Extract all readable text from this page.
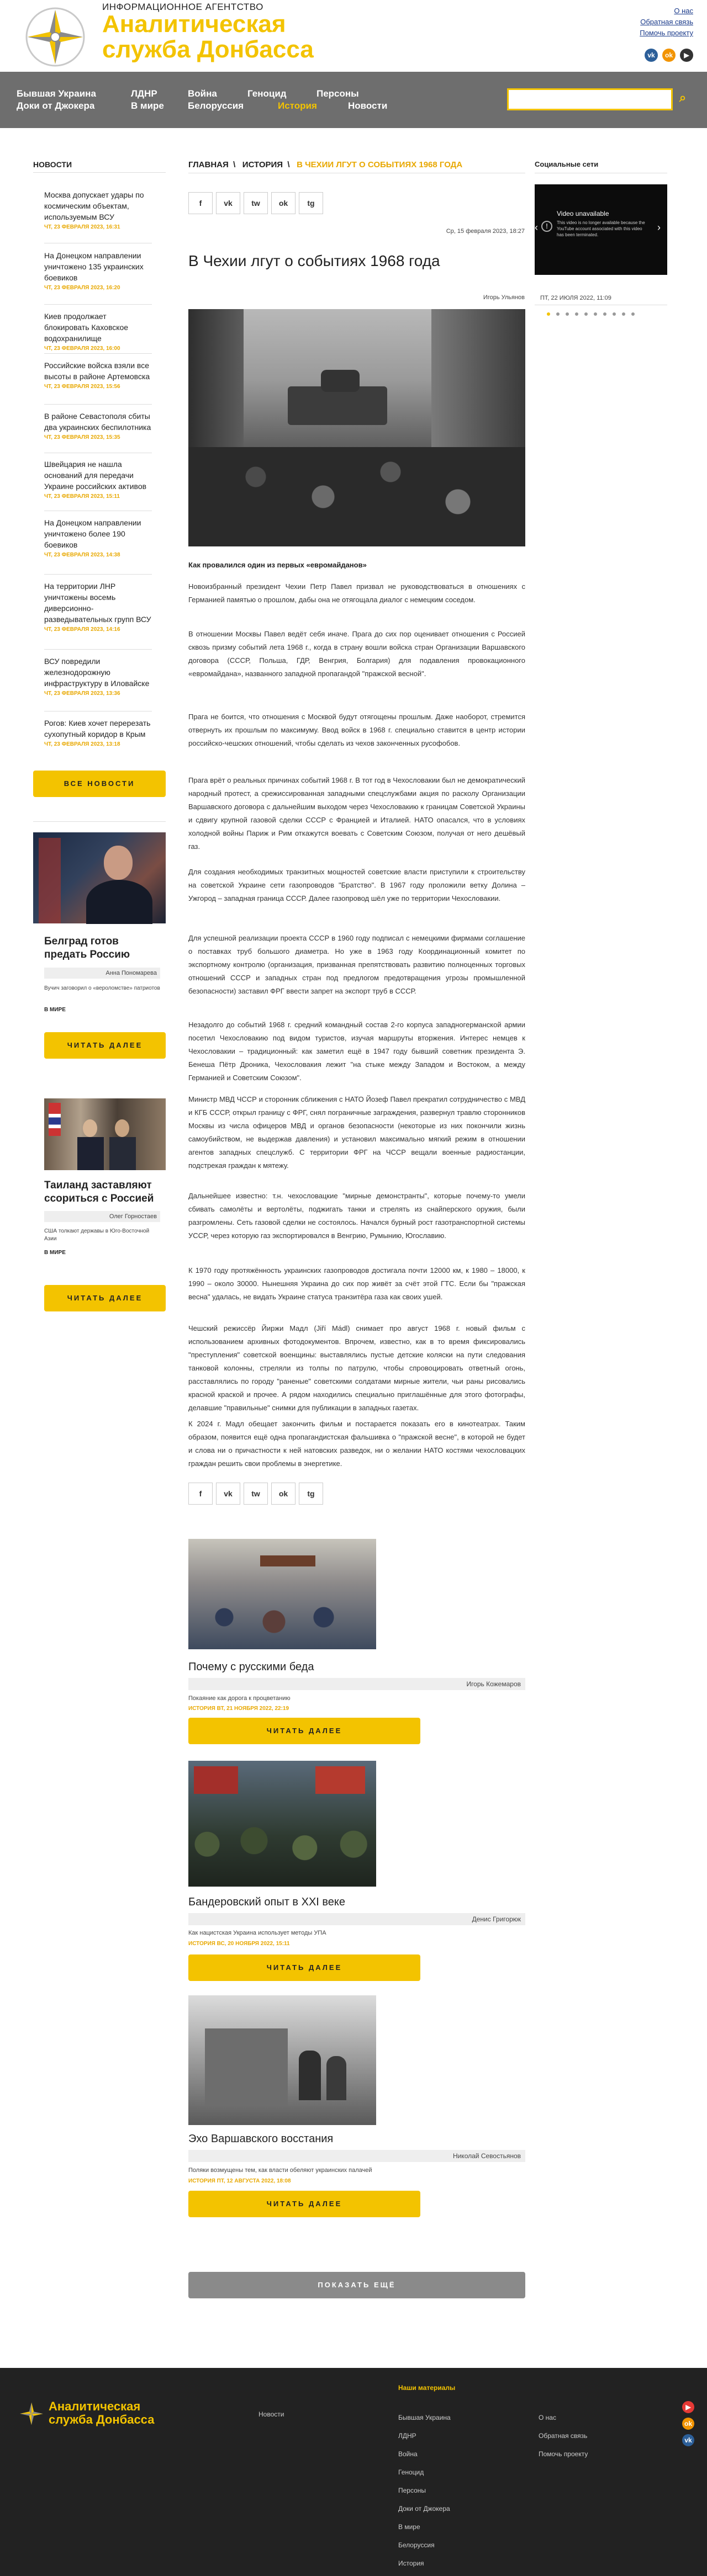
ИНФОРМАЦИОННОЕ АГЕНТСТВО
Аналитическая
служба Донбасса
О нас
Обратная связь
Помочь проекту
vk	ok	▶
Бывшая Украина
Доки от Джокера
ЛДНР
В мире
Война
Белоруссия
Геноцид
История
Персоны
Новости
⌕
НОВОСТИ
Москва допускает удары по космическим объектам, используемым ВСУ
ЧТ, 23 ФЕВРАЛЯ 2023, 16:31
На Донецком направлении уничтожено 135 украинских боевиков
ЧТ, 23 ФЕВРАЛЯ 2023, 16:20
Киев продолжает блокировать Каховское водохранилище
ЧТ, 23 ФЕВРАЛЯ 2023, 16:00
Российские войска взяли все высоты в районе Артемовска
ЧТ, 23 ФЕВРАЛЯ 2023, 15:56
В районе Севастополя сбиты два украинских беспилотника
ЧТ, 23 ФЕВРАЛЯ 2023, 15:35
Швейцария не нашла оснований для передачи Украине российских активов
ЧТ, 23 ФЕВРАЛЯ 2023, 15:11
На Донецком направлении уничтожено более 190 боевиков
ЧТ, 23 ФЕВРАЛЯ 2023, 14:38
На территории ЛНР уничтожены восемь диверсионно-разведывательных групп ВСУ
ЧТ, 23 ФЕВРАЛЯ 2023, 14:16
ВСУ повредили железнодорожную инфраструктуру в Иловайске
ЧТ, 23 ФЕВРАЛЯ 2023, 13:36
Рогов: Киев хочет перерезать сухопутный коридор в Крым
ЧТ, 23 ФЕВРАЛЯ 2023, 13:18
ВСЕ НОВОСТИ
Белград готов предать Россию
Анна Пономарева
Вучич заговорил о «вероломстве» патриотов
В МИРЕ
ЧИТАТЬ ДАЛЕЕ
Таиланд заставляют ссориться с Россией
Олег Горностаев
США толкают державы в Юго-Восточной Азии
В МИРЕ
ЧИТАТЬ ДАЛЕЕ
ГЛАВНАЯ  \   ИСТОРИЯ  \   В ЧЕХИИ ЛГУТ О СОБЫТИЯХ 1968 ГОДА
f	vk	tw	ok	tg
Ср, 15 февраля 2023, 18:27
В Чехии лгут о событиях 1968 года
Игорь Ульянов
Как провалился один из первых «евромайданов»
Новоизбранный президент Чехии Петр Павел призвал не руководствоваться в отношениях с Германией памятью о прошлом, дабы она не отягощала диалог с немецким соседом.
В отношении Москвы Павел ведёт себя иначе. Прага до сих пор оценивает отношения с Россией сквозь призму событий лета 1968 г., когда в страну вошли войска стран Организации Варшавского договора (СССР, Польша, ГДР, Венгрия, Болгария) для подавления провокационного «евромайдана», названного западной пропагандой "пражской весной".
Прага не боится, что отношения с Москвой будут отягощены прошлым. Даже наоборот, стремится отвернуть их прошлым по максимуму. Ввод войск в 1968 г. специально ставится в центр истории российско-чешских отношений, чтобы сделать из чехов законченных русофобов.
Прага врёт о реальных причинах событий 1968 г. В тот год в Чехословакии был не демократический народный протест, а срежиссированная западными спецслужбами акция по расколу Организации Варшавского договора с дальнейшим выходом через Чехословакию к границам Советской Украины и сдвигу крупной газовой сделки СССР с Францией и Италией. НАТО опасался, что в условиях холодной войны Париж и Рим откажутся воевать с Советским Союзом, получая от него дешёвый газ.
Для создания необходимых транзитных мощностей советские власти приступили к строительству на советской Украине сети газопроводов "Братство". В 1967 году проложили ветку Долина – Ужгород – западная граница СССР. Далее газопровод шёл уже по территории Чехословакии.
Для успешной реализации проекта СССР в 1960 году подписал с немецкими фирмами соглашение о поставках труб большого диаметра. Но уже в 1963 году Координационный комитет по экспортному контролю (организация, призванная препятствовать развитию полноценных торговых отношений СССР и западных стран под предлогом предотвращения угрозы промышленной безопасности) заставил ФРГ ввести запрет на экспорт труб в СССР.
Незадолго до событий 1968 г. средний командный состав 2-го корпуса западногерманской армии посетил Чехословакию под видом туристов, изучая маршруты вторжения. Интерес немцев к Чехословакии – традиционный: как заметил ещё в 1947 году бывший советник президента Э. Бенеша Пётр Дроника, Чехословакия лежит "на стыке между Западом и Востоком, а между Германией и Советским Союзом".
Министр МВД ЧССР и сторонник сближения с НАТО Йозеф Павел прекратил сотрудничество с МВД и КГБ СССР, открыл границу с ФРГ, снял пограничные заграждения, развернул травлю сторонников Москвы из числа офицеров МВД и органов безопасности (некоторые из них покончили жизнь самоубийством, не выдержав давления) и установил максимально мягкий режим в отношении агентов западных спецслужб. С территории ФРГ на ЧССР вещали военные радиостанции, подстрекая граждан к мятежу.
Дальнейшее известно: т.н. чехословацкие "мирные демонстранты", которые почему-то умели сбивать самолёты и вертолёты, поджигать танки и стрелять из снайперского оружия, были разгромлены. Сеть газовой сделки не состоялось. Начался бурный рост газотранспортной системы УССР, через которую газ экспортировался в Венгрию, Румынию, Югославию.
К 1970 году протяжённость украинских газопроводов достигала почти 12000 км, к 1980 – 18000, к 1990 – около 30000. Нынешняя Украина до сих пор живёт за счёт этой ГТС. Если бы "пражская весна" удалась, не видать Украине статуса транзитёра газа как своих ушей.
Чешский режиссёр Йиржи Мадл (Jiří Mádl) снимает про август 1968 г. новый фильм с использованием архивных фотодокументов. Впрочем, известно, как в то время фиксировались "преступления" советской военщины: выставлялись пустые детские коляски на пути следования танковой колонны, стреляли из толпы по патрулю, чтобы спровоцировать ответный огонь, расставлялись по городу "раненые" советскими солдатами мирные жители, чьи раны рисовались красной краской и прочее. А рядом находились специально приглашённые для этого фотографы, делавшие "правильные" снимки для публикации в западных газетах.
К 2024 г. Мадл обещает закончить фильм и постарается показать его в кинотеатрах. Таким образом, появится ещё одна пропагандистская фальшивка о "пражской весне", в которой не будет и слова ни о причастности к ней натовских разведок, ни о желании НАТО костями чехословацких граждан решить свои проблемы в энергетике.
f	vk	tw	ok	tg
Почему с русскими беда
Игорь Кожемаров
Покаяние как дорога к процветанию
ИСТОРИЯ ВТ, 21 НОЯБРЯ 2022, 22:19
ЧИТАТЬ ДАЛЕЕ
Бандеровский опыт в XXI веке
Денис Григорюк
Как нацистская Украина использует методы УПА
ИСТОРИЯ ВС, 20 НОЯБРЯ 2022, 15:11
ЧИТАТЬ ДАЛЕЕ
Эхо Варшавского восстания
Николай Севостьянов
Поляки возмущены тем, как власти обеляют украинских палачей
ИСТОРИЯ ПТ, 12 АВГУСТА 2022, 18:08
ЧИТАТЬ ДАЛЕЕ
ПОКАЗАТЬ ЕЩЁ
Социальные сети
Video unavailable
This video is no longer available because the YouTube account associated with this video has been terminated.
!
‹	›
ПТ, 22 ИЮЛЯ 2022, 11:09
Аналитическая
служба Донбасса	Новости
Наши материалы
Бывшая Украина
ЛДНР
Война
Геноцид
Персоны
Доки от Джокера
В мире
Белоруссия
История
О нас
Обратная связь
Помочь проекту
▶
ok
vk
